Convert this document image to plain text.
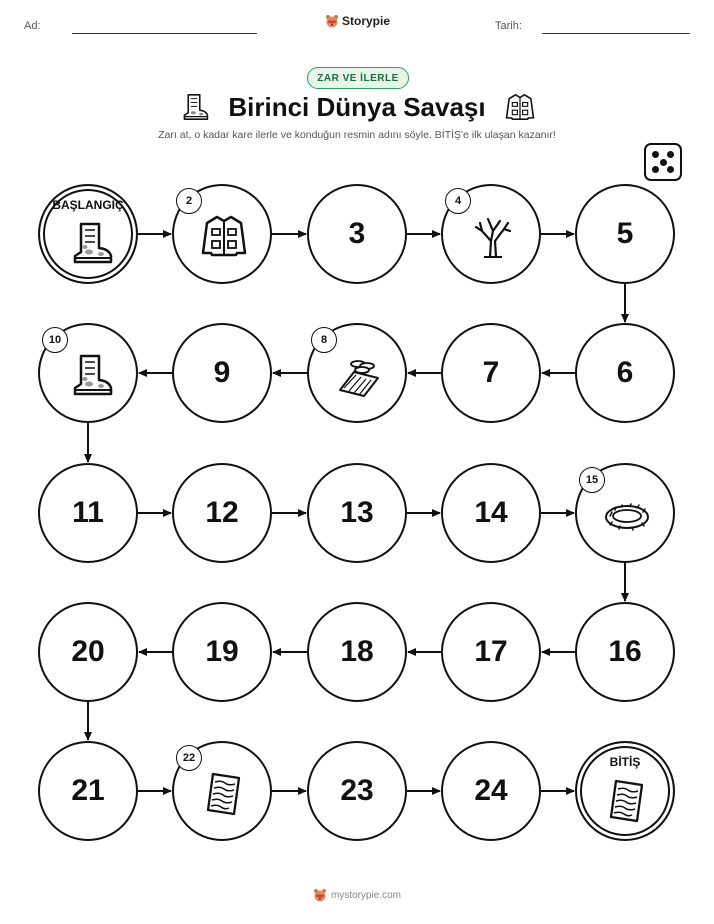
Ad:	Storypie	Tarih:
ZAR VE İLERLE
Birinci Dünya Savaşı
Zarı at, o kadar kare ilerle ve konduğun resmin adını söyle. BİTİŞ'e ilk ulaşan kazanır!
BAŞLANGIÇ	2
3
4
5
6
7
8
9
10
11	12	13	14
15
16
17
18
19
20
21
22
23	24
BİTİŞ
mystorypie.com
